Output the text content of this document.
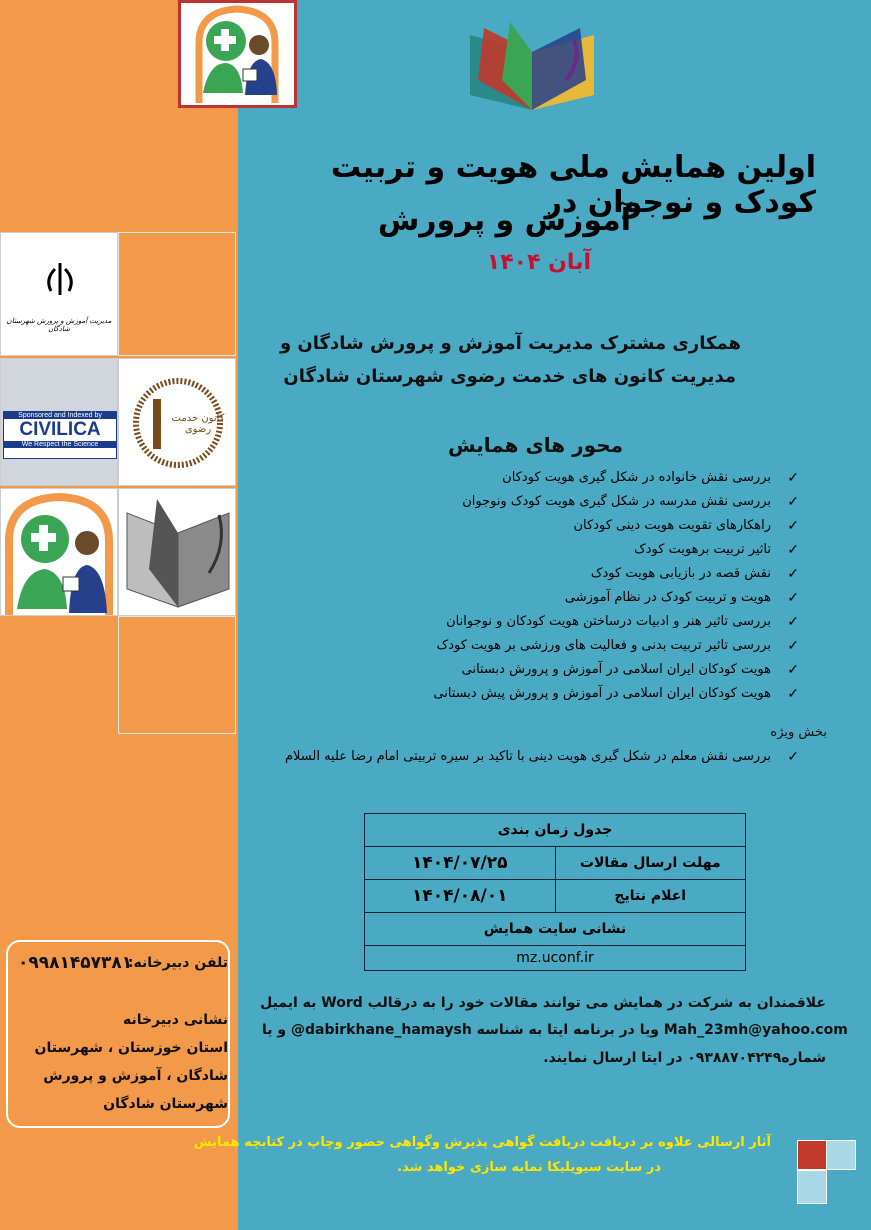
اولین همایش ملی هویت و تربیت کودک و نوجوان در
آموزش و پرورش
آبان ۱۴۰۴
همکاری مشترک مدیریت آموزش و پرورش شادگان و
مدیریت کانون های خدمت رضوی شهرستان شادگان
محور های همایش
✓ بررسی نقش خانواده در شکل گیری هویت کودکان
✓ بررسی نقش مدرسه در شکل گیری هویت کودک ونوجوان
✓ راهکارهای تقویت هویت دینی کودکان
✓ تاثیر تربیت برهویت کودک
✓ نقش قصه در بازیابی هویت کودک
✓ هویت و تربیت کودک در نظام آموزشی
✓ بررسی تاثیر هنر و ادبیات درساختن هویت کودکان و نوجوانان
✓ بررسی تاثیر تربیت بدنی و فعالیت های ورزشی بر هویت کودک
✓ هویت کودکان ایران اسلامی در آموزش و پرورش دبستانی
✓ هویت کودکان ایران اسلامی در آموزش و پرورش پیش دبستانی
بخش ویژه
✓ بررسی نقش معلم در شکل گیری هویت دینی با تاکید بر سیره تربیتی امام رضا علیه السلام
جدول زمان بندی	
مهلت ارسال مقالات	۱۴۰۴/۰۷/۲۵
اعلام نتایج	۱۴۰۴/۰۸/۰۱
نشانی سایت همایش	
mz.uconf.ir	
علاقمندان به شرکت در همایش می توانند مقالات خود را به درقالب Word به ایمیل
و یا @dabirkhane_hamaysh ویا در برنامه ایتا به شناسه Mah_23mh@yahoo.com
شماره۰۹۳۸۸۷۰۴۲۴۹ در ایتا ارسال نمایند.
تلفن دبیرخانه:
۰۹۹۸۱۴۵۷۳۸۱
نشانی دبیرخانه
استان خوزستان ، شهرستان
شادگان ، آموزش و پرورش
شهرستان شادگان
آثار ارسالی علاوه بر دریافت دریافت گواهی پذیرش وگواهی حضور وچاپ در کتابچه همایش
در سایت سیویلیکا نمایه سازی خواهد شد.
مدیریت آموزش و پرورش شهرستان شادگان
Sponsored and Indexed by
CIVILICA
We Respect the Science
کانون خدمت رضوی
